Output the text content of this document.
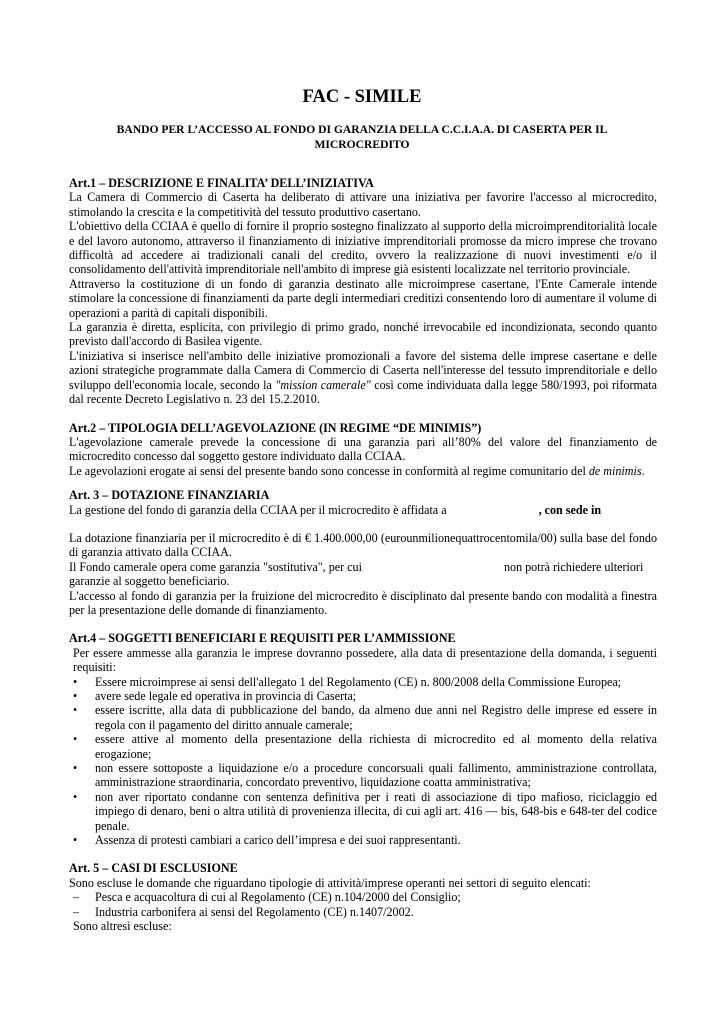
FAC - SIMILE
BANDO PER L’ACCESSO AL FONDO DI GARANZIA DELLA C.C.I.A.A. DI CASERTA PER IL MICROCREDITO

Art.1 – DESCRIZIONE E FINALITA’ DELL’INIZIATIVA

La Camera di Commercio di Caserta ha deliberato di attivare una iniziativa per favorire l'accesso al microcredito, stimolando la crescita e la competitività del tessuto produttivo casertano.

L'obiettivo della CCIAA è quello di fornire il proprio sostegno finalizzato al supporto della microimprenditorialità locale e del lavoro autonomo, attraverso il finanziamento di iniziative imprenditoriali promosse da micro imprese che trovano difficoltà ad accedere ai tradizionali canali del credito, ovvero la realizzazione di nuovi investimenti e/o il consolidamento dell'attività imprenditoriale nell'ambito di imprese già esistenti localizzate nel territorio provinciale.

Attraverso la costituzione di un fondo di garanzia destinato alle microimprese casertane, l'Ente Camerale intende stimolare la concessione di finanziamenti da parte degli intermediari creditizi consentendo loro di aumentare il volume di operazioni a parità di capitali disponibili.

La garanzia è diretta, esplicita, con privilegio di primo grado, nonché irrevocabile ed incondizionata, secondo quanto previsto dall'accordo di Basilea vigente.

L'iniziativa si inserisce nell'ambito delle iniziative promozionali a favore del sistema delle imprese casertane e delle azioni strategiche programmate dalla Camera di Commercio di Caserta nell'interesse del tessuto imprenditoriale e dello sviluppo dell'economia locale, secondo la "mission camerale" così come individuata dalla legge 580/1993, poi riformata dal recente Decreto Legislativo n. 23 del 15.2.2010.

Art.2 – TIPOLOGIA DELL’AGEVOLAZIONE (IN REGIME “DE MINIMIS”)

L'agevolazione camerale prevede la concessione di una garanzia pari all’80% del valore del finanziamento de microcredito concesso dal soggetto gestore individuato dalla CCIAA.

Le agevolazioni erogate ai sensi del presente bando sono concesse in conformità al regime comunitario del de minimis.

Art. 3 – DOTAZIONE FINANZIARIA

La gestione del fondo di garanzia della CCIAA per il microcredito è affidata a	, con sede in

La dotazione finanziaria per il microcredito è di € 1.400.000,00 (eurounmilionequattrocentomila/00) sulla base del fondo di garanzia attivato dalla CCIAA.

Il Fondo camerale opera come garanzia "sostitutiva", per cui	non potrà richiedere ulteriori garanzie al soggetto beneficiario.

L'accesso al fondo di garanzia per la fruizione del microcredito è disciplinato dal presente bando con modalità a finestra per la presentazione delle domande di finanziamento.

Art.4 – SOGGETTI BENEFICIARI E REQUISITI PER L’AMMISSIONE

Per essere ammesse alla garanzia le imprese dovranno possedere, alla data di presentazione della domanda, i seguenti requisiti:

• Essere microimprese ai sensi dell'allegato 1 del Regolamento (CE) n. 800/2008 della Commissione Europea;
• avere sede legale ed operativa in provincia di Caserta;
• essere iscritte, alla data di pubblicazione del bando, da almeno due anni nel Registro delle imprese ed essere in regola con il pagamento del diritto annuale camerale;
• essere attive al momento della presentazione della richiesta di microcredito ed al momento della relativa erogazione;
• non essere sottoposte a liquidazione e/o a procedure concorsuali quali fallimento, amministrazione controllata, amministrazione straordinaria, concordato preventivo, liquidazione coatta amministrativa;
• non aver riportato condanne con sentenza definitiva per i reati di associazione di tipo mafioso, riciclaggio ed impiego di denaro, beni o altra utilità di provenienza illecita, di cui agli art. 416 — bis, 648-bis e 648-ter del codice penale.
• Assenza di protesti cambiari a carico dell’impresa e dei suoi rappresentanti.

Art. 5 – CASI DI ESCLUSIONE

Sono escluse le domande che riguardano tipologie di attività/imprese operanti nei settori di seguito elencati:

– Pesca e acquacoltura di cui al Regolamento (CE) n.104/2000 del Consiglio;
– Industria carbonifera ai sensi del Regolamento (CE) n.1407/2002.

Sono altresì escluse:
